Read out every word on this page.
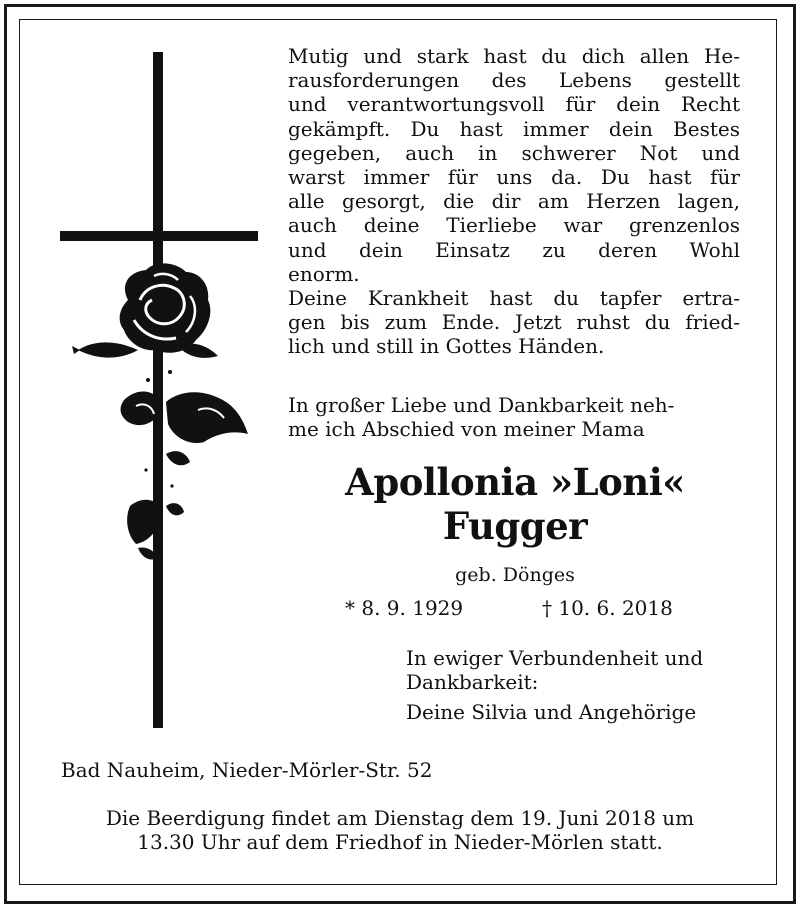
Mutig und stark hast du dich allen He-
rausforderungen des Lebens gestellt
und verantwortungsvoll für dein Recht
gekämpft. Du hast immer dein Bestes
gegeben, auch in schwerer Not und
warst immer für uns da. Du hast für
alle gesorgt, die dir am Herzen lagen,
auch deine Tierliebe war grenzenlos
und dein Einsatz zu deren Wohl
enorm.
Deine Krankheit hast du tapfer ertra-
gen bis zum Ende. Jetzt ruhst du fried-
lich und still in Gottes Händen.
In großer Liebe und Dankbarkeit neh-
me ich Abschied von meiner Mama
Apollonia »Loni«
Fugger
geb. Dönges
* 8. 9. 1929	† 10. 6. 2018
In ewiger Verbundenheit und
Dankbarkeit:
Deine Silvia und Angehörige
Bad Nauheim, Nieder-Mörler-Str. 52
Die Beerdigung findet am Dienstag dem 19. Juni 2018 um
13.30 Uhr auf dem Friedhof in Nieder-Mörlen statt.
